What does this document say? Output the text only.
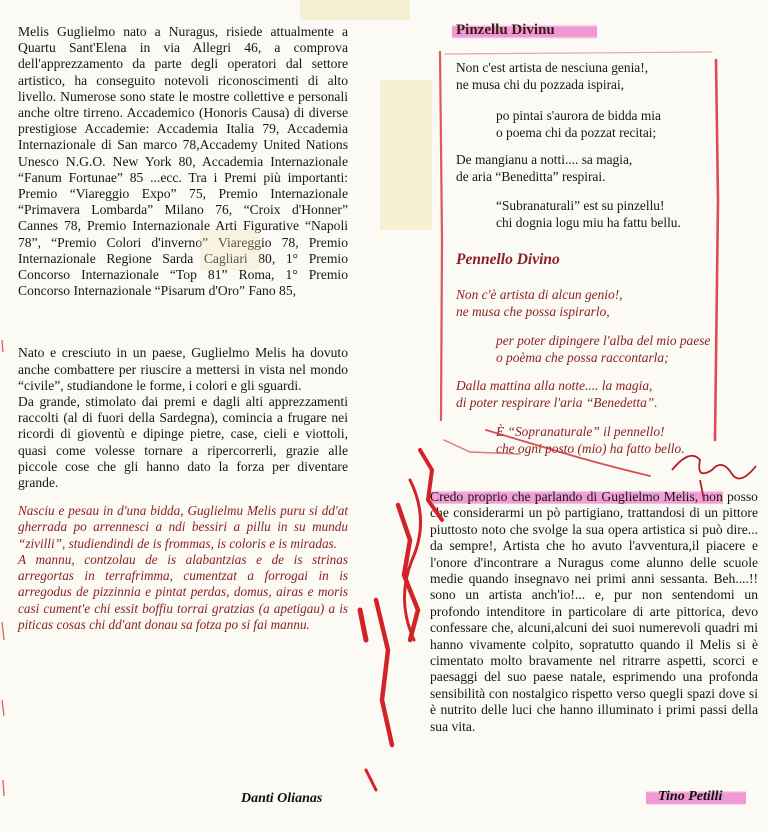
Melis Guglielmo nato a Nuragus, risiede attualmente a Quartu Sant'Elena in via Allegri 46, a comprova dell'apprezzamento da parte degli operatori dal settore artistico, ha conseguito notevoli riconoscimenti di alto livello. Numerose sono state le mostre collettive e personali anche oltre tirreno. Accademico (Honoris Causa) di diverse prestigiose Accademie: Accademia Italia 79, Accademia Internazionale di San marco 78,Accademy United Nations Unesco N.G.O. New York 80, Accademia Internazionale “Fanum Fortunae” 85 ...ecc. Tra i Premi più importanti: Premio “Viareggio Expo” 75, Premio Internazionale “Primavera Lombarda” Milano 76, “Croix d'Honner” Cannes 78, Premio Internazionale Arti Figurative “Napoli 78”, “Premio Colori d'inverno” Viareggio 78, Premio Internazionale Regione Sarda Cagliari 80, 1° Premio Concorso Internazionale “Top 81” Roma, 1° Premio Concorso Internazionale “Pisarum d'Oro” Fano 85,

Nato e cresciuto in un paese, Guglielmo Melis ha dovuto anche combattere per riuscire a mettersi in vista nel mondo “civile”, studiandone le forme, i colori e gli sguardi.
Da grande, stimolato dai premi e dagli alti apprezzamenti raccolti (al di fuori della Sardegna), comincia a frugare nei ricordi di gioventù e dipinge pietre, case, cieli e viottoli, quasi come volesse tornare a ripercorrerli, grazie alle piccole cose che gli hanno dato la forza per diventare grande.

Nasciu e pesau in d'una bidda, Guglielmu Melis puru si dd'at gherrada po arrennesci a ndi bessiri a pillu in su mundu “zivilli”, studiendindi de is frommas, is coloris e is miradas.
A mannu, contzolau de is alabantzias e de is strinas arregortas in terrafrimma, cumentzat a forrogai in is arregodus de pizzinnia e pintat perdas, domus, airas e moris casi cument'e chi essit boffiu torrai gratzias (a apetigau) a is piticas cosas chi dd'ant donau sa fotza po si fai mannu.

Danti Olianas
Pinzellu Divinu
Non c'est artista de nesciuna genia!,
ne musa chi du pozzada ispirai,
po pintai s'aurora de bidda mia
o poema chi da pozzat recitai;
De mangianu a notti.... sa magia,
de aria “Beneditta” respirai.
“Subranaturali” est su pinzellu!
chi dognia logu miu ha fattu bellu.
Pennello Divino
Non c'è artista di alcun genio!,
ne musa che possa ispirarlo,
per poter dipingere l'alba del mio paese
o poèma che possa raccontarla;
Dalla mattina alla notte.... la magia,
di poter respirare l'aria “Benedetta”.
È “Sopranaturale” il pennello!
che ogni posto (mio) ha fatto bello.
Credo proprio che parlando di Guglielmo Melis, non posso che considerarmi un pò partigiano, trattandosi di un pittore piuttosto noto che svolge la sua opera artistica si può dire... da sempre!, Artista che ho avuto l'avventura,il piacere e l'onore d'incontrare a Nuragus come alunno delle scuole medie quando insegnavo nei primi anni sessanta. Beh....!! sono un artista anch'io!... e, pur non sentendomi un profondo intenditore in particolare di arte pittorica, devo confessare che, alcuni,alcuni dei suoi numerevoli quadri mi hanno vivamente colpito, sopratutto quando il Melis si è cimentato molto bravamente nel ritrarre aspetti, scorci e paesaggi del suo paese natale, esprimendo una profonda sensibilità con nostalgico rispetto verso quegli spazi dove si è nutrito delle luci che hanno illuminato i primi passi della sua vita.
Tino Petilli
